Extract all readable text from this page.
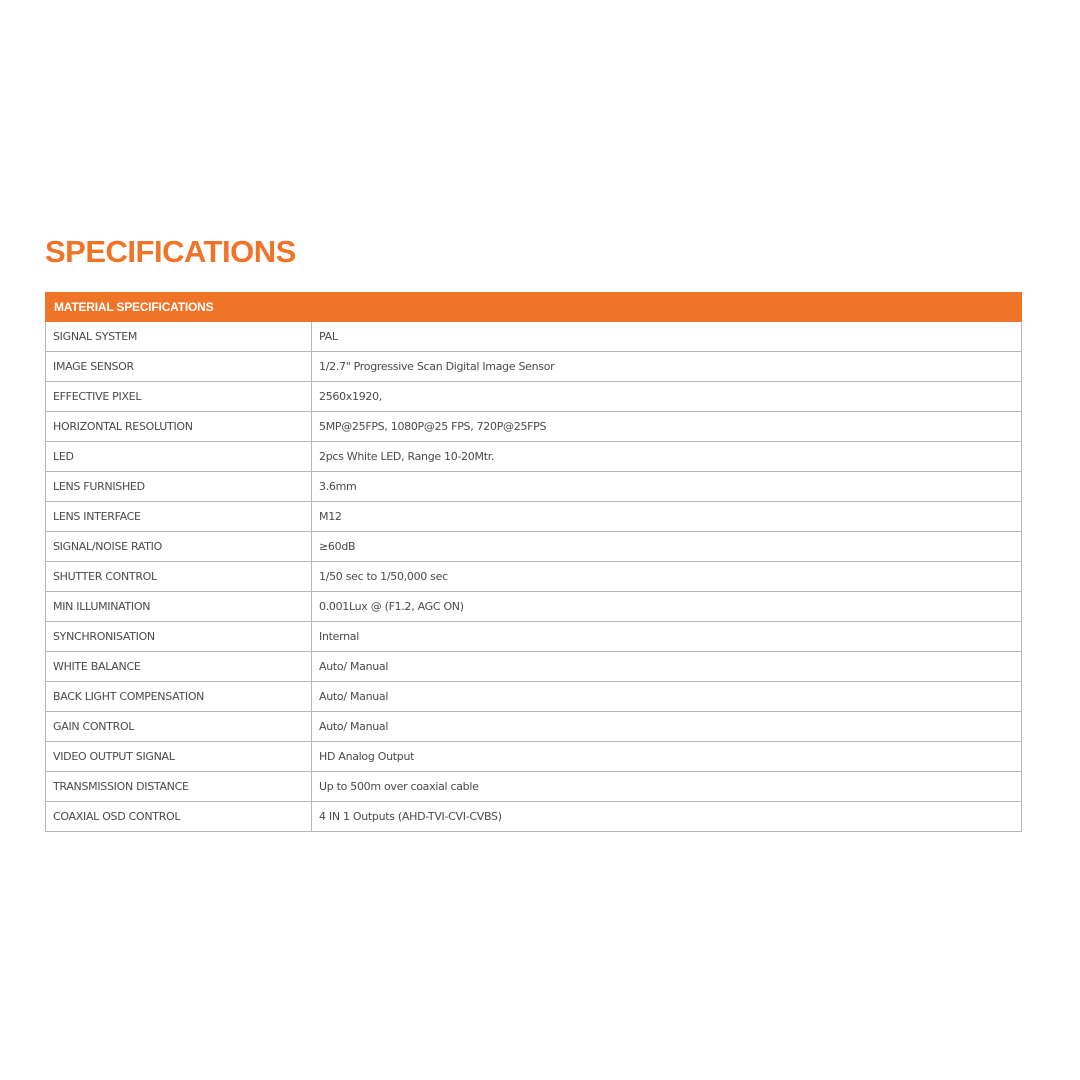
SPECIFICATIONS
MATERIAL SPECIFICATIONS	
SIGNAL SYSTEM	PAL
IMAGE SENSOR	1/2.7" Progressive Scan Digital Image Sensor
EFFECTIVE PIXEL	2560x1920,
HORIZONTAL RESOLUTION	5MP@25FPS, 1080P@25 FPS, 720P@25FPS
LED	2pcs White LED, Range 10-20Mtr.
LENS FURNISHED	3.6mm
LENS INTERFACE	M12
SIGNAL/NOISE RATIO	≥60dB
SHUTTER CONTROL	1/50 sec to 1/50,000 sec
MIN ILLUMINATION	0.001Lux @ (F1.2, AGC ON)
SYNCHRONISATION	Internal
WHITE BALANCE	Auto/ Manual
BACK LIGHT COMPENSATION	Auto/ Manual
GAIN CONTROL	Auto/ Manual
VIDEO OUTPUT SIGNAL	HD Analog Output
TRANSMISSION DISTANCE	Up to 500m over coaxial cable
COAXIAL OSD CONTROL	4 IN 1 Outputs (AHD-TVI-CVI-CVBS)
